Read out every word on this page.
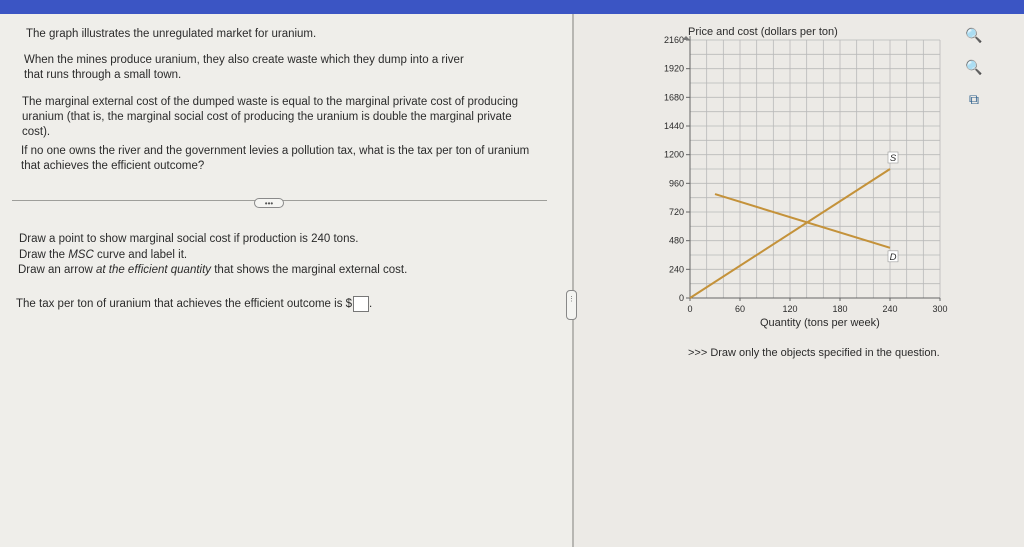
The graph illustrates the unregulated market for uranium.

When the mines produce uranium, they also create waste which they dump into a river that runs through a small town.

The marginal external cost of the dumped waste is equal to the marginal private cost of producing uranium (that is, the marginal social cost of producing the uranium is double the marginal private cost).

If no one owns the river and the government levies a pollution tax, what is the tax per ton of uranium that achieves the efficient outcome?

•••

Draw a point to show marginal social cost if production is 240 tons.

Draw the MSC curve and label it.

Draw an arrow at the efficient quantity that shows the marginal external cost.

The tax per ton of uranium that achieves the efficient outcome is $ .	⋮	0
240
480
720
960
1200
1440
1680
1920
2160
0	60	120	180	240	300
S
D
Price and cost (dollars per ton)
Quantity (tons per week)
🔍
🔍
⧉
>>> Draw only the objects specified in the question.
